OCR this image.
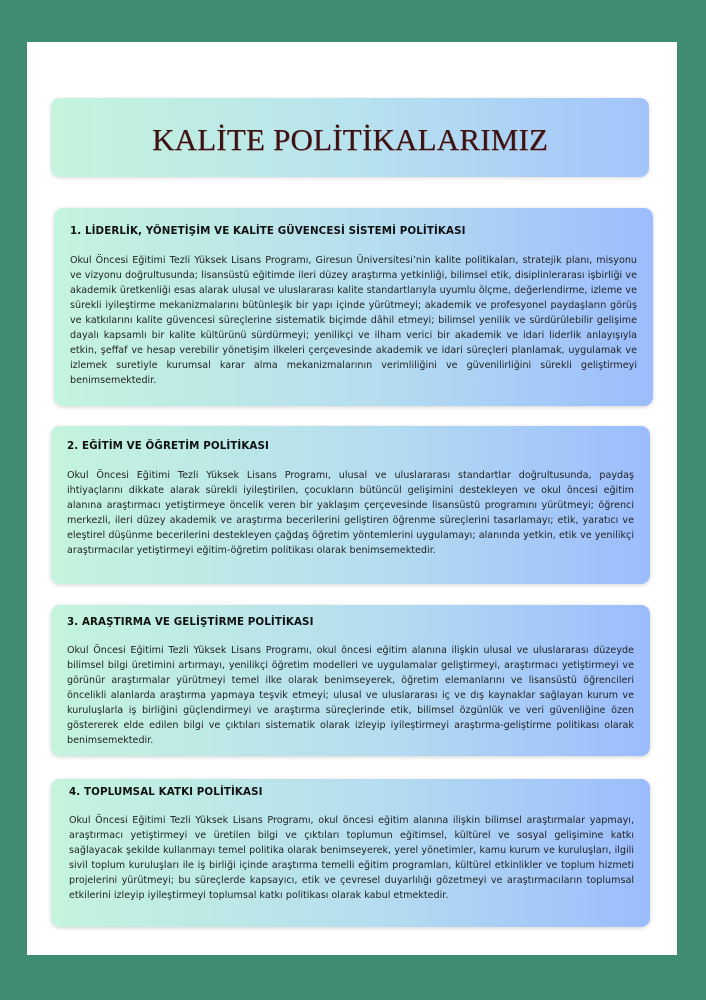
KALİTE POLİTİKALARIMIZ
1. LİDERLİK, YÖNETİŞİM VE KALİTE GÜVENCESİ SİSTEMİ POLİTİKASI

Okul Öncesi Eğitimi Tezli Yüksek Lisans Programı, Giresun Üniversitesi’nin kalite politikaları, stratejik planı, misyonu ve vizyonu doğrultusunda; lisansüstü eğitimde ileri düzey araştırma yetkinliği, bilimsel etik, disiplinlerarası işbirliği ve akademik üretkenliği esas alarak ulusal ve uluslararası kalite standartlarıyla uyumlu ölçme, değerlendirme, izleme ve sürekli iyileştirme mekanizmalarını bütünleşik bir yapı içinde yürütmeyi; akademik ve profesyonel paydaşların görüş ve katkılarını kalite güvencesi süreçlerine sistematik biçimde dâhil etmeyi; bilimsel yenilik ve sürdürülebilir gelişime dayalı kapsamlı bir kalite kültürünü sürdürmeyi; yenilikçi ve ilham verici bir akademik ve idari liderlik anlayışıyla etkin, şeffaf ve hesap verebilir yönetişim ilkeleri çerçevesinde akademik ve idari süreçleri planlamak, uygulamak ve izlemek suretiyle kurumsal karar alma mekanizmalarının verimliliğini ve güvenilirliğini sürekli geliştirmeyi benimsemektedir.

2. EĞİTİM VE ÖĞRETİM POLİTİKASI

Okul Öncesi Eğitimi Tezli Yüksek Lisans Programı, ulusal ve uluslararası standartlar doğrultusunda, paydaş ihtiyaçlarını dikkate alarak sürekli iyileştirilen, çocukların bütüncül gelişimini destekleyen ve okul öncesi eğitim alanına araştırmacı yetiştirmeye öncelik veren bir yaklaşım çerçevesinde lisansüstü programını yürütmeyi; öğrenci merkezli, ileri düzey akademik ve araştırma becerilerini geliştiren öğrenme süreçlerini tasarlamayı; etik, yaratıcı ve eleştirel düşünme becerilerini destekleyen çağdaş öğretim yöntemlerini uygulamayı; alanında yetkin, etik ve yenilikçi araştırmacılar yetiştirmeyi eğitim-öğretim politikası olarak benimsemektedir.

3. ARAŞTIRMA VE GELİŞTİRME POLİTİKASI

Okul Öncesi Eğitimi Tezli Yüksek Lisans Programı, okul öncesi eğitim alanına ilişkin ulusal ve uluslararası düzeyde bilimsel bilgi üretimini artırmayı, yenilikçi öğretim modelleri ve uygulamalar geliştirmeyi, araştırmacı yetiştirmeyi ve görünür araştırmalar yürütmeyi temel ilke olarak benimseyerek, öğretim elemanlarını ve lisansüstü öğrencileri öncelikli alanlarda araştırma yapmaya teşvik etmeyi; ulusal ve uluslararası iç ve dış kaynaklar sağlayan kurum ve kuruluşlarla iş birliğini güçlendirmeyi ve araştırma süreçlerinde etik, bilimsel özgünlük ve veri güvenliğine özen göstererek elde edilen bilgi ve çıktıları sistematik olarak izleyip iyileştirmeyi araştırma-geliştirme politikası olarak benimsemektedir.

4. TOPLUMSAL KATKI POLİTİKASI

Okul Öncesi Eğitimi Tezli Yüksek Lisans Programı, okul öncesi eğitim alanına ilişkin bilimsel araştırmalar yapmayı, araştırmacı yetiştirmeyi ve üretilen bilgi ve çıktıları toplumun eğitimsel, kültürel ve sosyal gelişimine katkı sağlayacak şekilde kullanmayı temel politika olarak benimseyerek, yerel yönetimler, kamu kurum ve kuruluşları, ilgili sivil toplum kuruluşları ile iş birliği içinde araştırma temelli eğitim programları, kültürel etkinlikler ve toplum hizmeti projelerini yürütmeyi; bu süreçlerde kapsayıcı, etik ve çevresel duyarlılığı gözetmeyi ve araştırmacıların toplumsal etkilerini izleyip iyileştirmeyi toplumsal katkı politikası olarak kabul etmektedir.
